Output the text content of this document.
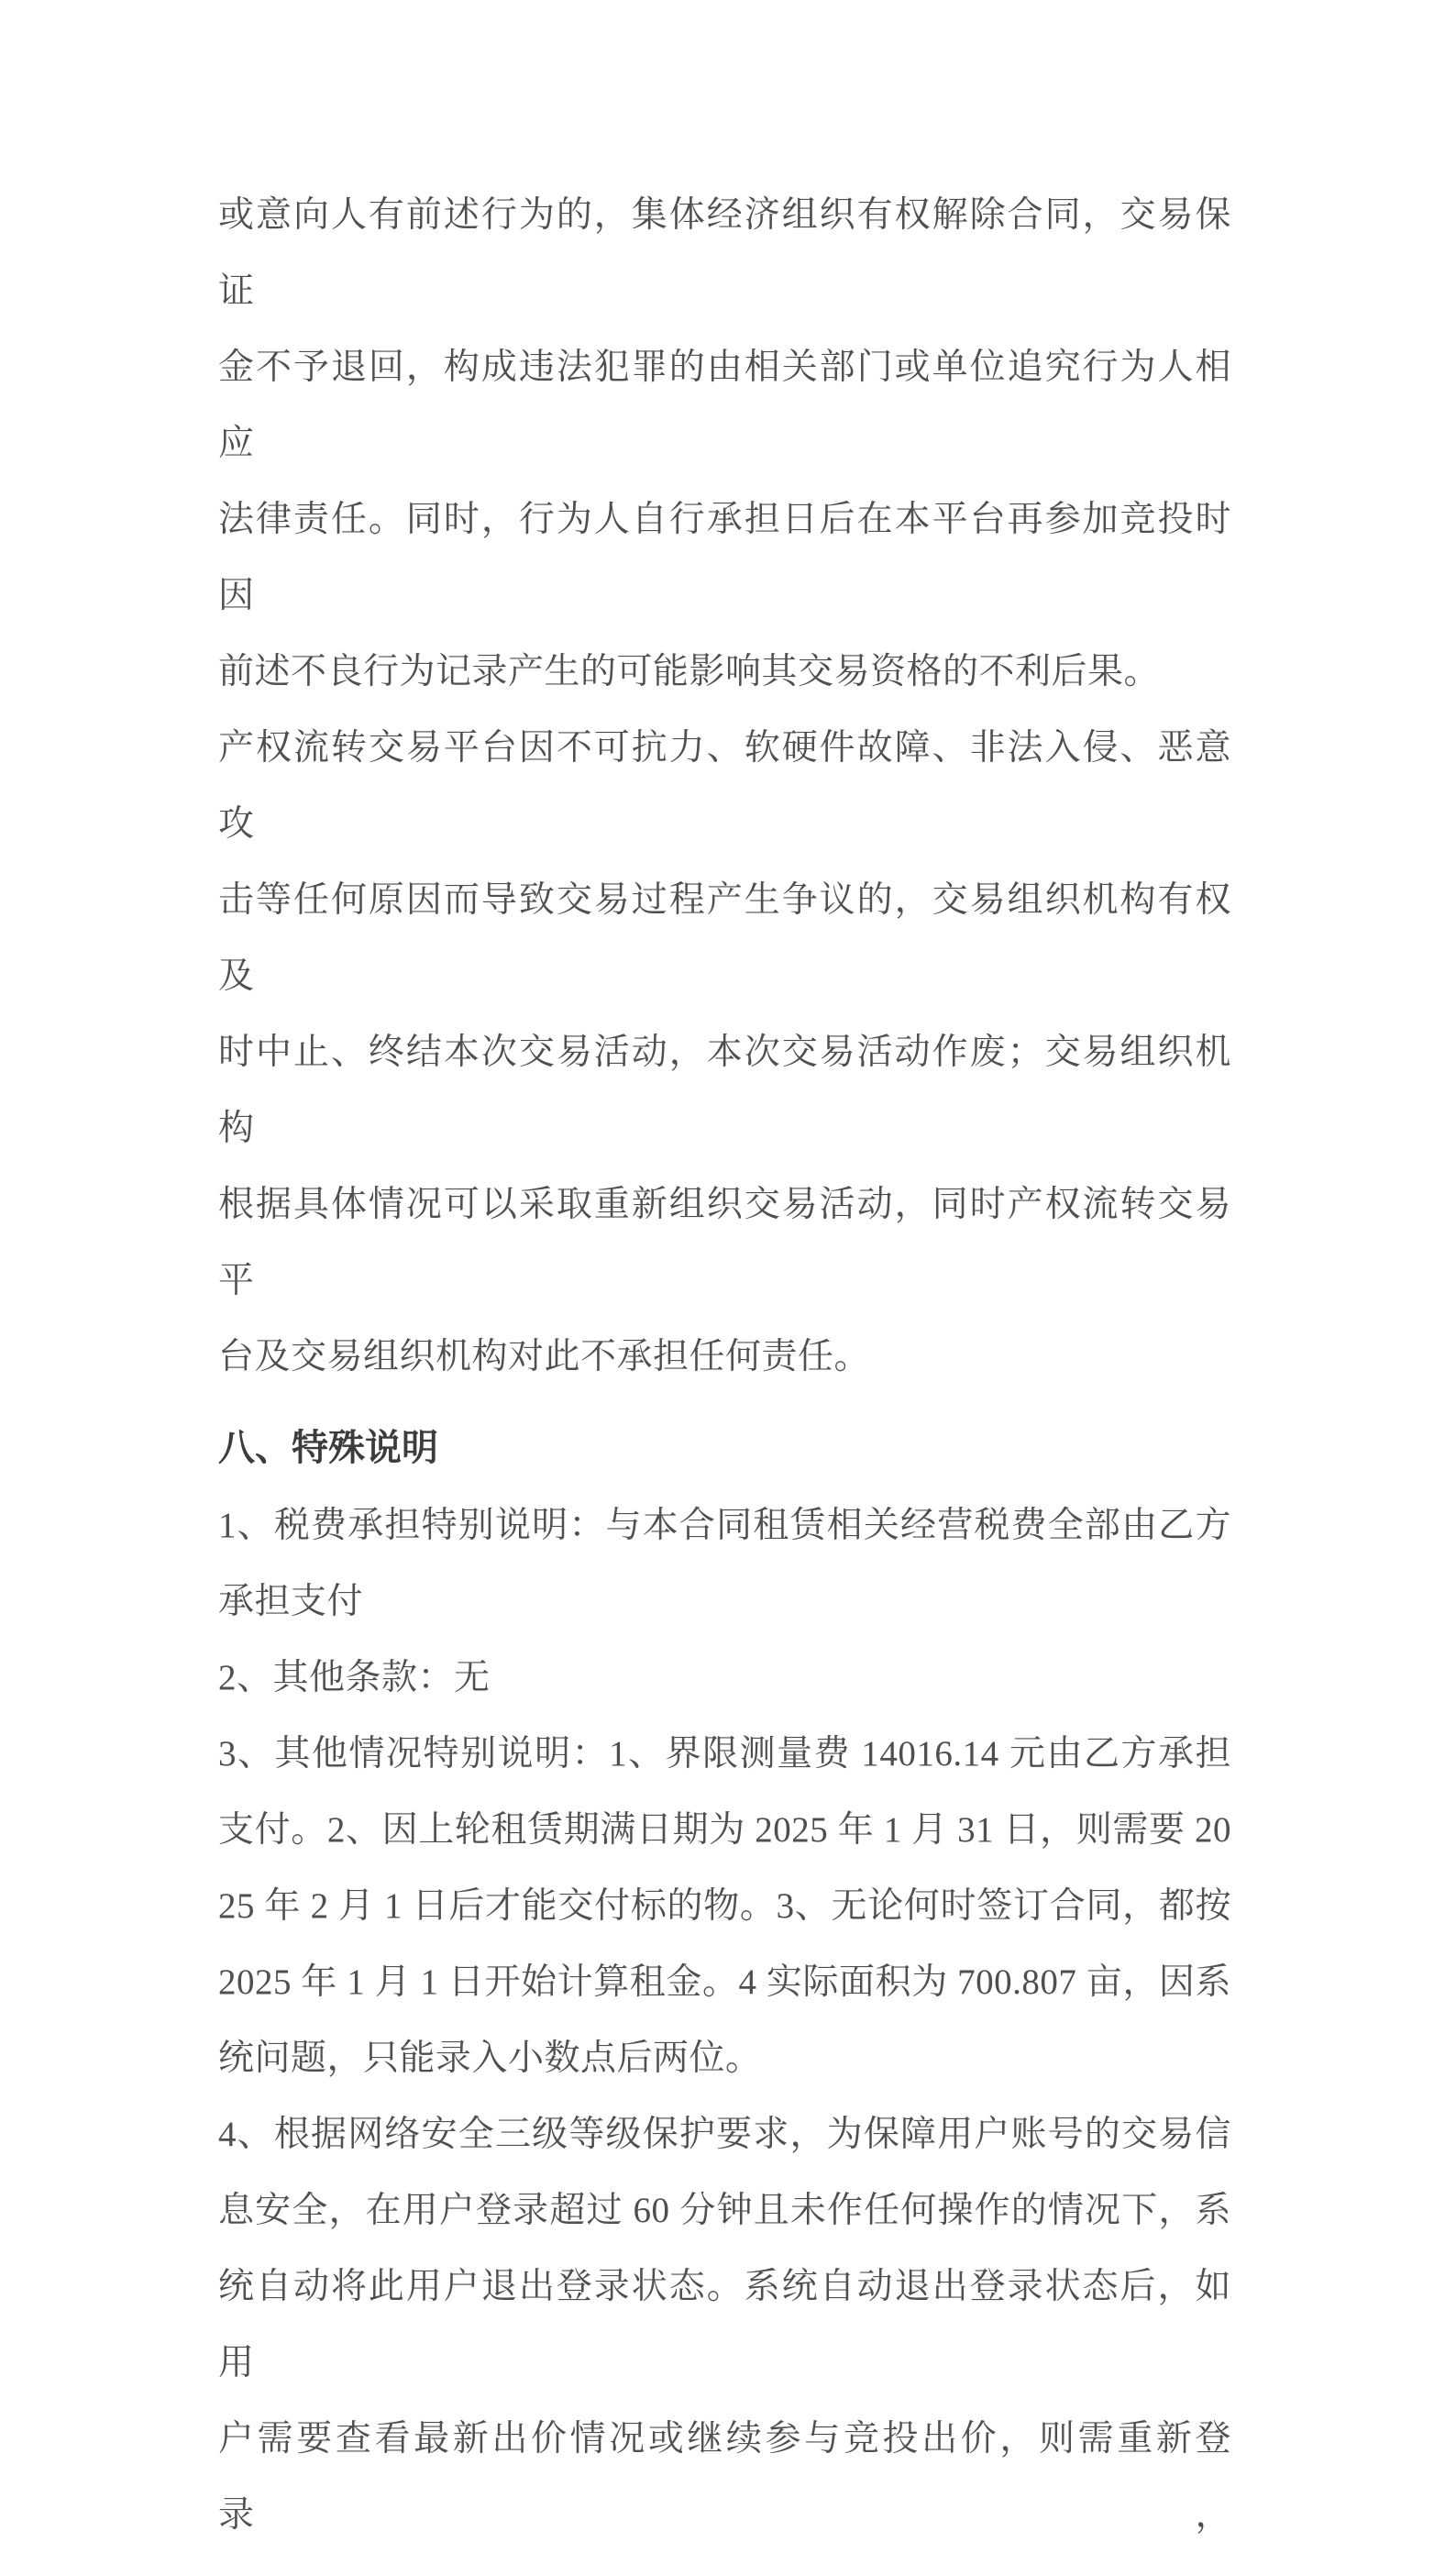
或意向人有前述行为的，集体经济组织有权解除合同，交易保证
金不予退回，构成违法犯罪的由相关部门或单位追究行为人相应
法律责任。同时，行为人自行承担日后在本平台再参加竞投时因
前述不良行为记录产生的可能影响其交易资格的不利后果。
产权流转交易平台因不可抗力、软硬件故障、非法入侵、恶意攻
击等任何原因而导致交易过程产生争议的，交易组织机构有权及
时中止、终结本次交易活动，本次交易活动作废；交易组织机构
根据具体情况可以采取重新组织交易活动，同时产权流转交易平
台及交易组织机构对此不承担任何责任。
八、特殊说明
1、税费承担特别说明：与本合同租赁相关经营税费全部由乙方
承担支付
2、其他条款：无
3、其他情况特别说明：1、界限测量费 14016.14 元由乙方承担
支付。2、因上轮租赁期满日期为 2025 年 1 月 31 日，则需要 20
25 年 2 月 1 日后才能交付标的物。3、无论何时签订合同，都按
2025 年 1 月 1 日开始计算租金。4 实际面积为 700.807 亩，因系
统问题，只能录入小数点后两位。
4、根据网络安全三级等级保护要求，为保障用户账号的交易信
息安全，在用户登录超过 60 分钟且未作任何操作的情况下，系
统自动将此用户退出登录状态。系统自动退出登录状态后，如用
户需要查看最新出价情况或继续参与竞投出价，则需重新登录，
